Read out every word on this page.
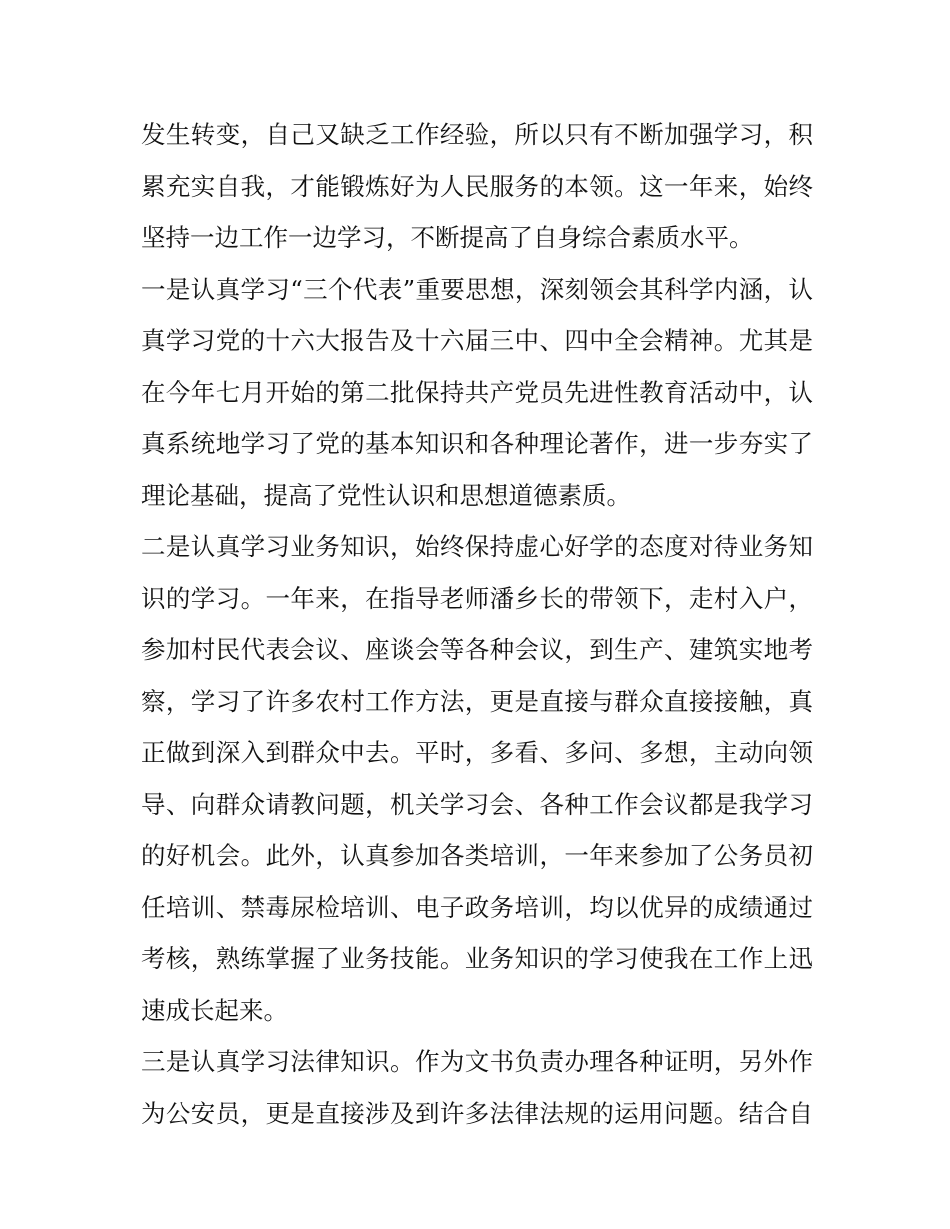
发生转变，自己又缺乏工作经验，所以只有不断加强学习，积
累充实自我，才能锻炼好为人民服务的本领。这一年来，始终
坚持一边工作一边学习，不断提高了自身综合素质水平。
一是认真学习“三个代表”重要思想，深刻领会其科学内涵，认
真学习党的十六大报告及十六届三中、四中全会精神。尤其是
在今年七月开始的第二批保持共产党员先进性教育活动中，认
真系统地学习了党的基本知识和各种理论著作，进一步夯实了
理论基础，提高了党性认识和思想道德素质。
二是认真学习业务知识，始终保持虚心好学的态度对待业务知
识的学习。一年来，在指导老师潘乡长的带领下，走村入户，
参加村民代表会议、座谈会等各种会议，到生产、建筑实地考
察，学习了许多农村工作方法，更是直接与群众直接接触，真
正做到深入到群众中去。平时，多看、多问、多想，主动向领
导、向群众请教问题，机关学习会、各种工作会议都是我学习
的好机会。此外，认真参加各类培训，一年来参加了公务员初
任培训、禁毒尿检培训、电子政务培训，均以优异的成绩通过
考核，熟练掌握了业务技能。业务知识的学习使我在工作上迅
速成长起来。
三是认真学习法律知识。作为文书负责办理各种证明，另外作
为公安员，更是直接涉及到许多法律法规的运用问题。结合自
